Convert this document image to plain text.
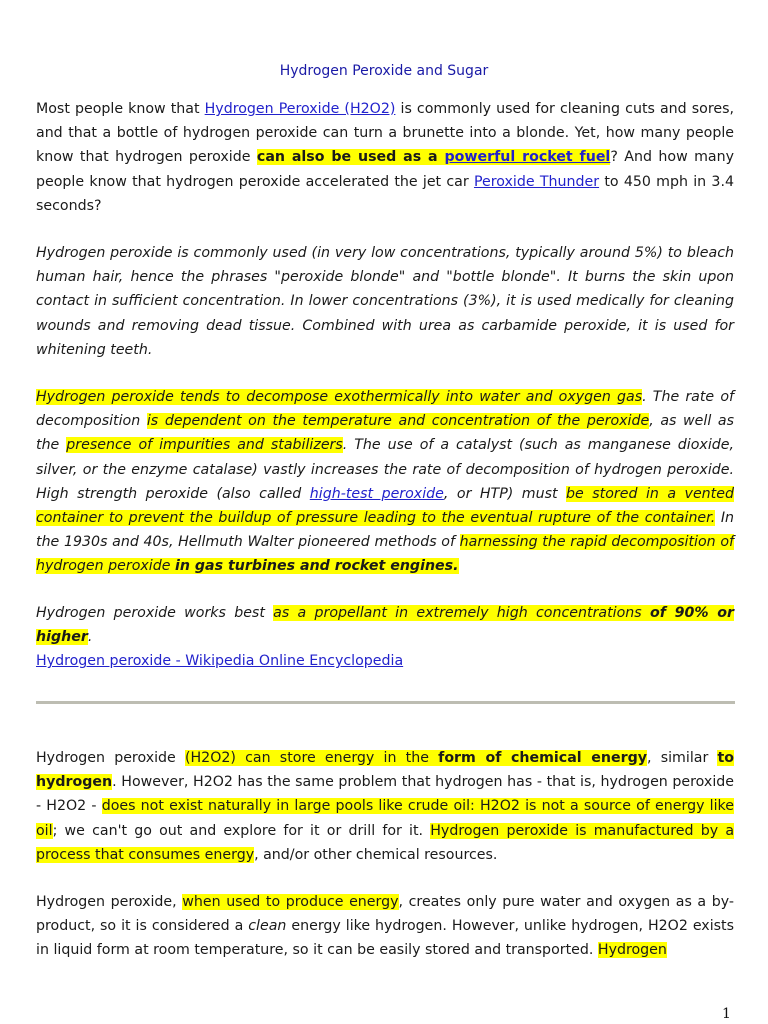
Hydrogen Peroxide and Sugar

Most people know that Hydrogen Peroxide (H2O2) is commonly used for cleaning cuts and sores, and that a bottle of hydrogen peroxide can turn a brunette into a blonde. Yet, how many people know that hydrogen peroxide can also be used as a powerful rocket fuel? And how many people know that hydrogen peroxide accelerated the jet car Peroxide Thunder to 450 mph in 3.4 seconds?

Hydrogen peroxide is commonly used (in very low concentrations, typically around 5%) to bleach human hair, hence the phrases "peroxide blonde" and "bottle blonde". It burns the skin upon contact in sufficient concentration. In lower concentrations (3%), it is used medically for cleaning wounds and removing dead tissue. Combined with urea as carbamide peroxide, it is used for whitening teeth.

Hydrogen peroxide tends to decompose exothermically into water and oxygen gas. The rate of decomposition is dependent on the temperature and concentration of the peroxide, as well as the presence of impurities and stabilizers. The use of a catalyst (such as manganese dioxide, silver, or the enzyme catalase) vastly increases the rate of decomposition of hydrogen peroxide. High strength peroxide (also called high-test peroxide, or HTP) must be stored in a vented container to prevent the buildup of pressure leading to the eventual rupture of the container. In the 1930s and 40s, Hellmuth Walter pioneered methods of harnessing the rapid decomposition of hydrogen peroxide in gas turbines and rocket engines.

Hydrogen peroxide works best as a propellant in extremely high concentrations of 90% or higher.

Hydrogen peroxide - Wikipedia Online Encyclopedia

Hydrogen peroxide (H2O2) can store energy in the form of chemical energy, similar to hydrogen. However, H2O2 has the same problem that hydrogen has - that is, hydrogen peroxide - H2O2 - does not exist naturally in large pools like crude oil: H2O2 is not a source of energy like oil; we can't go out and explore for it or drill for it. Hydrogen peroxide is manufactured by a process that consumes energy, and/or other chemical resources.

Hydrogen peroxide, when used to produce energy, creates only pure water and oxygen as a by-product, so it is considered a clean energy like hydrogen. However, unlike hydrogen, H2O2 exists in liquid form at room temperature, so it can be easily stored and transported. Hydrogen

1
